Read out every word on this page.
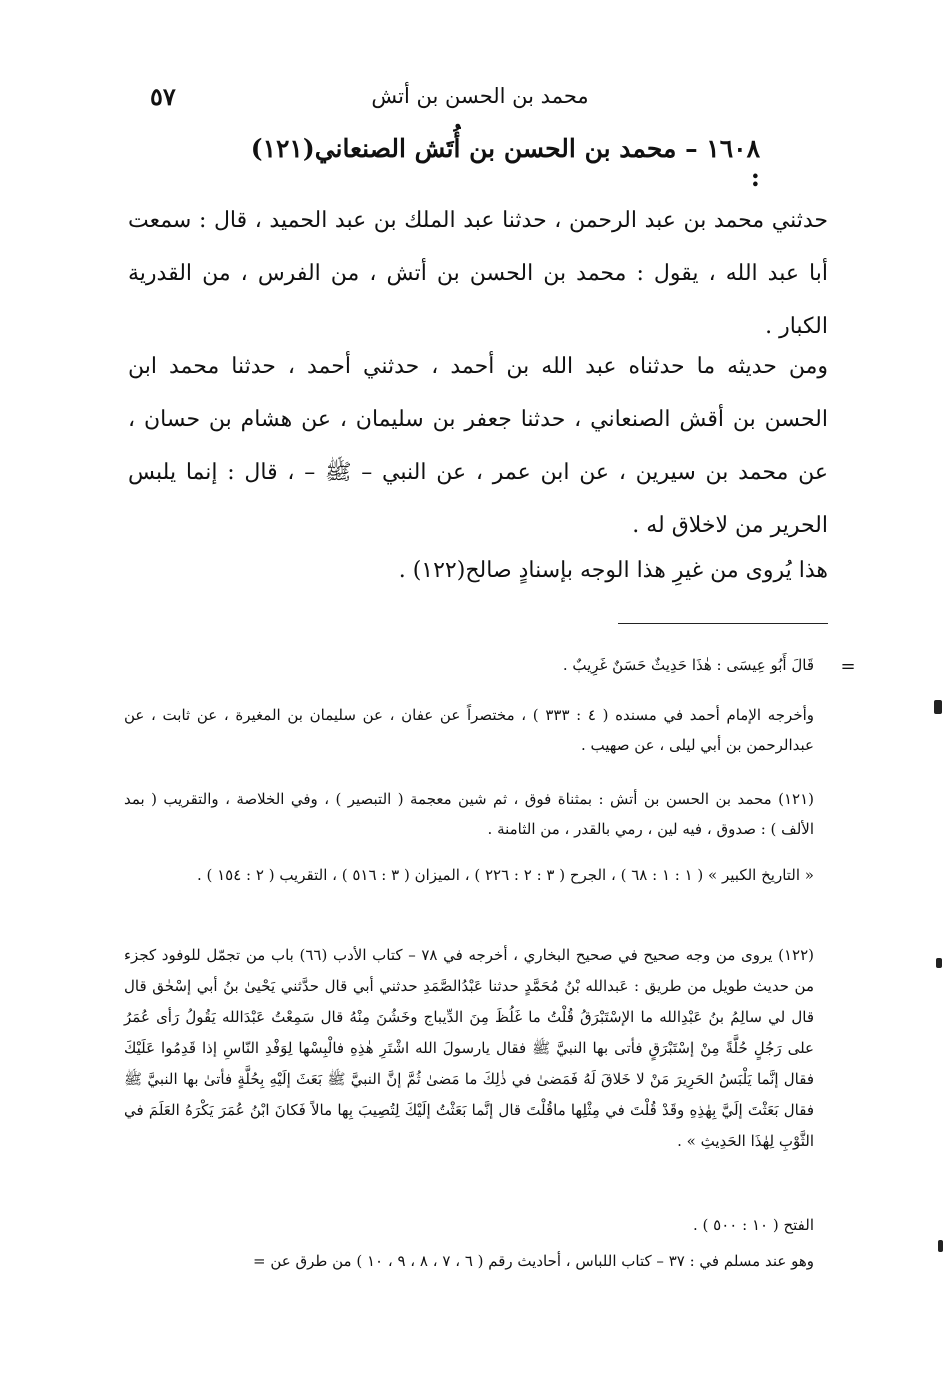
محمد بن الحسن بن أتش
٥٧
١٦٠٨ – محمد بن الحسن بن أُتَش الصنعاني(١٢١) :
حدثني محمد بن عبد الرحمن ، حدثنا عبد الملك بن عبد الحميد ، قال : سمعت أبا عبد الله ، يقول : محمد بن الحسن بن أتش ، من الفرس ، من القدرية الكبار .
ومن حديثه ما حدثناه عبد الله بن أحمد ، حدثني أحمد ، حدثنا محمد ابن الحسن بن أقش الصنعاني ، حدثنا جعفر بن سليمان ، عن هشام بن حسان ، عن محمد بن سيرين ، عن ابن عمر ، عن النبي – ﷺ – ، قال : إنما يلبس الحرير من لاخلاق له .
هذا يُروى من غيرِ هذا الوجه بإسنادٍ صالح(١٢٢) .
=
قَالَ أَبُو عِيسَى : هٰذَا حَدِيثٌ حَسَنٌ غَرِيبٌ .
وأخرجه الإمام أحمد في مسنده ( ٤ : ٣٣٣ ) ، مختصراً عن عفان ، عن سليمان بن المغيرة ، عن ثابت ، عن عبدالرحمن بن أبي ليلى ، عن صهيب .
(١٢١) محمد بن الحسن بن أتش : بمثناة فوق ، ثم شين معجمة ( التبصير ) ، وفي الخلاصة ، والتقريب ( بمد الألف ) : صدوق ، فيه لين ، رمي بالقدر ، من الثامنة .
« التاريخ الكبير » ( ١ : ١ : ٦٨ ) ، الجرح ( ٣ : ٢ : ٢٢٦ ) ، الميزان ( ٣ : ٥١٦ ) ، التقريب ( ٢ : ١٥٤ ) .
(١٢٢) يروى من وجه صحيح في صحيح البخاري ، أخرجه في ٧٨ – كتاب الأدب (٦٦) باب من تجمّل للوفود كجزء من حديث طويل من طريق : عَبدالله بْنُ مُحَمَّدٍ حدثنا عَبْدُالصَّمَدِ حدثني أبي قال حدَّثني يَحْيىٰ بنُ أبي إسْحٰق قال قال لي سالِمُ بنُ عَبْدِالله ما الإسْتَبْرَقُ قُلْتُ ما غَلُظَ مِنَ الدِّيباج وخَشُنَ مِنْهُ قال سَمِعْتُ عَبْدَالله يَقُولُ رَأى عُمَرُ علی رَجُلٍ حُلَّةً مِنْ إسْتَبْرَقٍ فأتی بها النبيَّ ﷺ فقال يارسولَ الله اشْتَرِ هٰذِهِ فالْبِسْها لِوَفْدِ النّاسِ إذا قَدِمُوا عَلَيْكَ فقال إنَّما يَلْبَسُ الحَرِيرَ مَنْ لا خَلاقَ لَهُ فَمَضیٰ في ذٰلِكَ ما مَضیٰ ثُمَّ إنَّ النبيَّ ﷺ بَعَثَ إلَيْهِ بِحُلَّةٍ فأتیٰ بها النبيَّ ﷺ فقال بَعَثْتَ إلَيَّ بِهٰذِهِ وقَدْ قُلْتَ في مِثْلِها ماقُلْتَ قال إنَّما بَعَثْتُ إلَيْكَ لِتُصِيبَ بِها مالاً فَكانَ ابْنُ عُمَرَ يَكْرَهُ العَلَمَ في الثَّوْبِ لِهٰذَا الحَدِيثِ » .
الفتح ( ١٠ : ٥٠٠ ) .
وهو عند مسلم في : ٣٧ – كتاب اللباس ، أحاديث رقم ( ٦ ، ٧ ، ٨ ، ٩ ، ١٠ ) من طرق عن =
